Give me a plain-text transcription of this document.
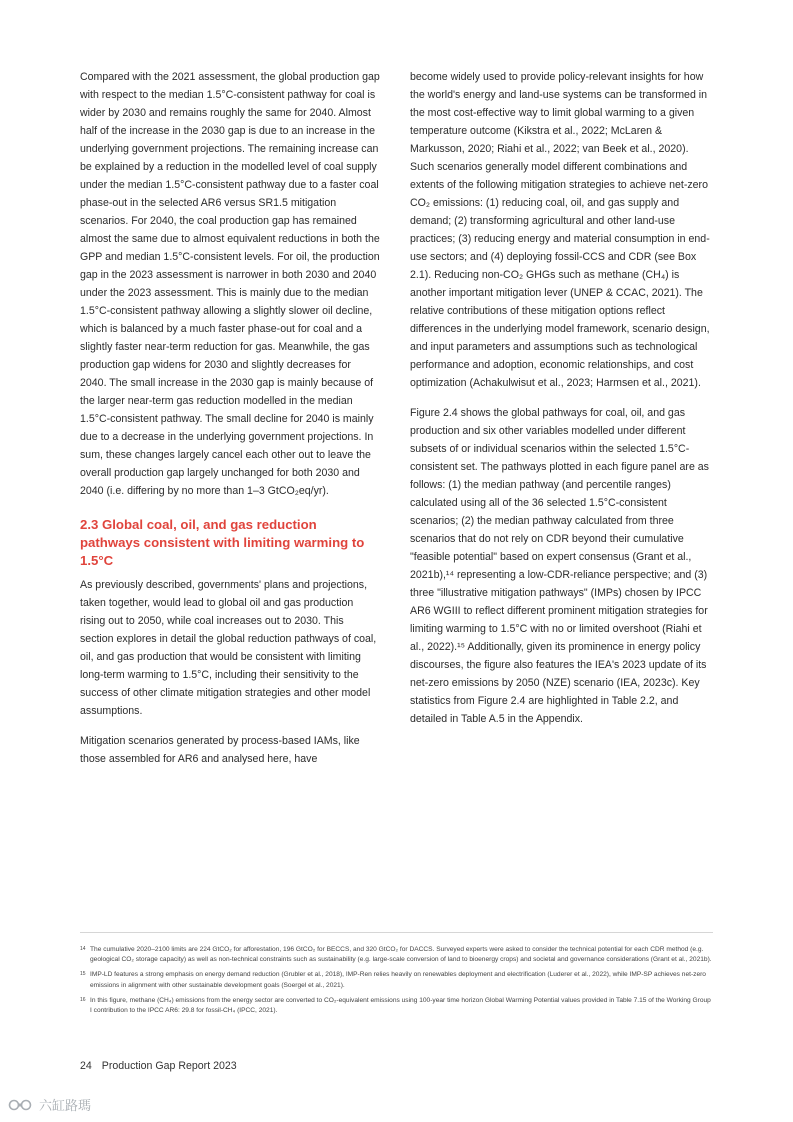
Compared with the 2021 assessment, the global production gap with respect to the median 1.5°C-consistent pathway for coal is wider by 2030 and remains roughly the same for 2040. Almost half of the increase in the 2030 gap is due to an increase in the underlying government projections. The remaining increase can be explained by a reduction in the modelled level of coal supply under the median 1.5°C-consistent pathway due to a faster coal phase-out in the selected AR6 versus SR1.5 mitigation scenarios. For 2040, the coal production gap has remained almost the same due to almost equivalent reductions in both the GPP and median 1.5°C-consistent levels. For oil, the production gap in the 2023 assessment is narrower in both 2030 and 2040 under the 2023 assessment. This is mainly due to the median 1.5°C-consistent pathway allowing a slightly slower oil decline, which is balanced by a much faster phase-out for coal and a slightly faster near-term reduction for gas. Meanwhile, the gas production gap widens for 2030 and slightly decreases for 2040. The small increase in the 2030 gap is mainly because of the larger near-term gas reduction modelled in the median 1.5°C-consistent pathway. The small decline for 2040 is mainly due to a decrease in the underlying government projections. In sum, these changes largely cancel each other out to leave the overall production gap largely unchanged for both 2030 and 2040 (i.e. differing by no more than 1–3 GtCO₂eq/yr).

2.3 Global coal, oil, and gas reduction pathways consistent with limiting warming to 1.5°C

As previously described, governments' plans and projections, taken together, would lead to global oil and gas production rising out to 2050, while coal increases out to 2030. This section explores in detail the global reduction pathways of coal, oil, and gas production that would be consistent with limiting long-term warming to 1.5°C, including their sensitivity to the success of other climate mitigation strategies and other model assumptions.

Mitigation scenarios generated by process-based IAMs, like those assembled for AR6 and analysed here, have

become widely used to provide policy-relevant insights for how the world's energy and land-use systems can be transformed in the most cost-effective way to limit global warming to a given temperature outcome (Kikstra et al., 2022; McLaren & Markusson, 2020; Riahi et al., 2022; van Beek et al., 2020). Such scenarios generally model different combinations and extents of the following mitigation strategies to achieve net-zero CO₂ emissions: (1) reducing coal, oil, and gas supply and demand; (2) transforming agricultural and other land-use practices; (3) reducing energy and material consumption in end-use sectors; and (4) deploying fossil-CCS and CDR (see Box 2.1). Reducing non-CO₂ GHGs such as methane (CH₄) is another important mitigation lever (UNEP & CCAC, 2021). The relative contributions of these mitigation options reflect differences in the underlying model framework, scenario design, and input parameters and assumptions such as technological performance and adoption, economic relationships, and cost optimization (Achakulwisut et al., 2023; Harmsen et al., 2021).

Figure 2.4 shows the global pathways for coal, oil, and gas production and six other variables modelled under different subsets of or individual scenarios within the selected 1.5°C-consistent set. The pathways plotted in each figure panel are as follows: (1) the median pathway (and percentile ranges) calculated using all of the 36 selected 1.5°C-consistent scenarios; (2) the median pathway calculated from three scenarios that do not rely on CDR beyond their cumulative "feasible potential" based on expert consensus (Grant et al., 2021b),¹⁴ representing a low-CDR-reliance perspective; and (3) three "illustrative mitigation pathways" (IMPs) chosen by IPCC AR6 WGIII to reflect different prominent mitigation strategies for limiting warming to 1.5°C with no or limited overshoot (Riahi et al., 2022).¹⁵ Additionally, given its prominence in energy policy discourses, the figure also features the IEA's 2023 update of its net-zero emissions by 2050 (NZE) scenario (IEA, 2023c). Key statistics from Figure 2.4 are highlighted in Table 2.2, and detailed in Table A.5 in the Appendix.

14 The cumulative 2020–2100 limits are 224 GtCO₂ for afforestation, 196 GtCO₂ for BECCS, and 320 GtCO₂ for DACCS. Surveyed experts were asked to consider the technical potential for each CDR method (e.g. geological CO₂ storage capacity) as well as non-technical constraints such as sustainability (e.g. large-scale conversion of land to bioenergy crops) and societal and governance considerations (Grant et al., 2021b).
15 IMP-LD features a strong emphasis on energy demand reduction (Grubler et al., 2018), IMP-Ren relies heavily on renewables deployment and electrification (Luderer et al., 2022), while IMP-SP achieves net-zero emissions in alignment with other sustainable development goals (Soergel et al., 2021).
16 In this figure, methane (CH₄) emissions from the energy sector are converted to CO₂-equivalent emissions using 100-year time horizon Global Warming Potential values provided in Table 7.15 of the Working Group I contribution to the IPCC AR6: 29.8 for fossil-CH₄ (IPCC, 2021).
24 Production Gap Report 2023
六缸路瑪
